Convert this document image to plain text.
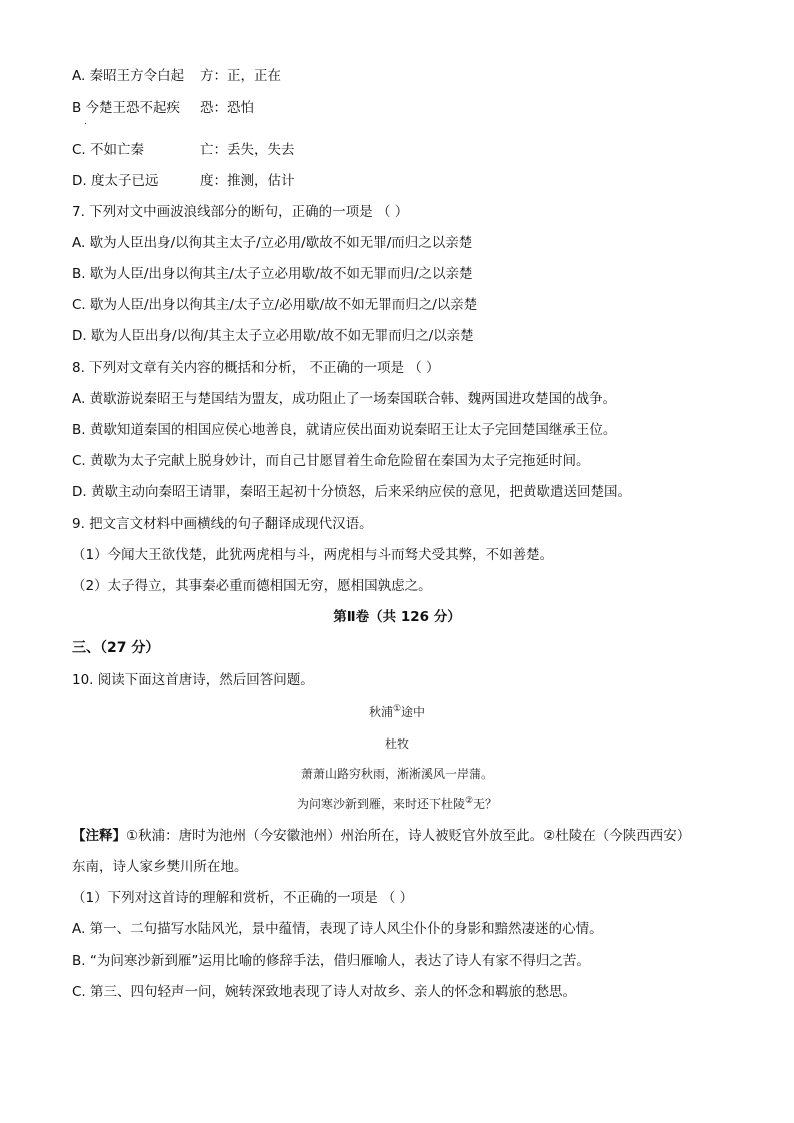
A. 秦昭王方令白起 方：正，正在
B 今楚王恐不起疾 恐：恐怕
.
C. 不如亡秦	亡：丢失，失去
D. 度太子已远	度：推测，估计
7. 下列对文中画波浪线部分的断句，正确的一项是 （ ）
A. 歇为人臣出身/以徇其主太子/立必用/歇故不如无罪/而归之以亲楚
B. 歇为人臣/出身以徇其主/太子立必用歇/故不如无罪而归/之以亲楚
C. 歇为人臣/出身以徇其主/太子立/必用歇/故不如无罪而归之/以亲楚
D. 歇为人臣出身/以徇/其主太子立必用歇/故不如无罪而归之/以亲楚
8. 下列对文章有关内容的概括和分析， 不正确的一项是 （ ）
A. 黄歇游说秦昭王与楚国结为盟友，成功阻止了一场秦国联合韩、魏两国进攻楚国的战争。
B. 黄歇知道秦国的相国应侯心地善良，就请应侯出面劝说秦昭王让太子完回楚国继承王位。
C. 黄歇为太子完献上脱身妙计，而自己甘愿冒着生命危险留在秦国为太子完拖延时间。
D. 黄歇主动向秦昭王请罪，秦昭王起初十分愤怒，后来采纳应侯的意见，把黄歇遣送回楚国。
9. 把文言文材料中画横线的句子翻译成现代汉语。
（1）今闻大王欲伐楚，此犹两虎相与斗，两虎相与斗而驽犬受其弊，不如善楚。
（2）太子得立，其事秦必重而德相国无穷，愿相国孰虑之。
第Ⅱ卷（共 126 分）
三、（27 分）
10. 阅读下面这首唐诗，然后回答问题。
秋浦①途中
杜牧
萧萧山路穷秋雨，淅淅溪风一岸蒲。
为问寒沙新到雁，来时还下杜陵②无？
【注释】①秋浦：唐时为池州（今安徽池州）州治所在，诗人被贬官外放至此。②杜陵在（今陕西西安）
东南，诗人家乡樊川所在地。
（1）下列对这首诗的理解和赏析，不正确的一项是 （ ）
A. 第一、二句描写水陆风光，景中蕴情，表现了诗人风尘仆仆的身影和黯然凄迷的心情。
B. “为问寒沙新到雁”运用比喻的修辞手法，借归雁喻人，表达了诗人有家不得归之苦。
C. 第三、四句轻声一问，婉转深致地表现了诗人对故乡、亲人的怀念和羁旅的愁思。
